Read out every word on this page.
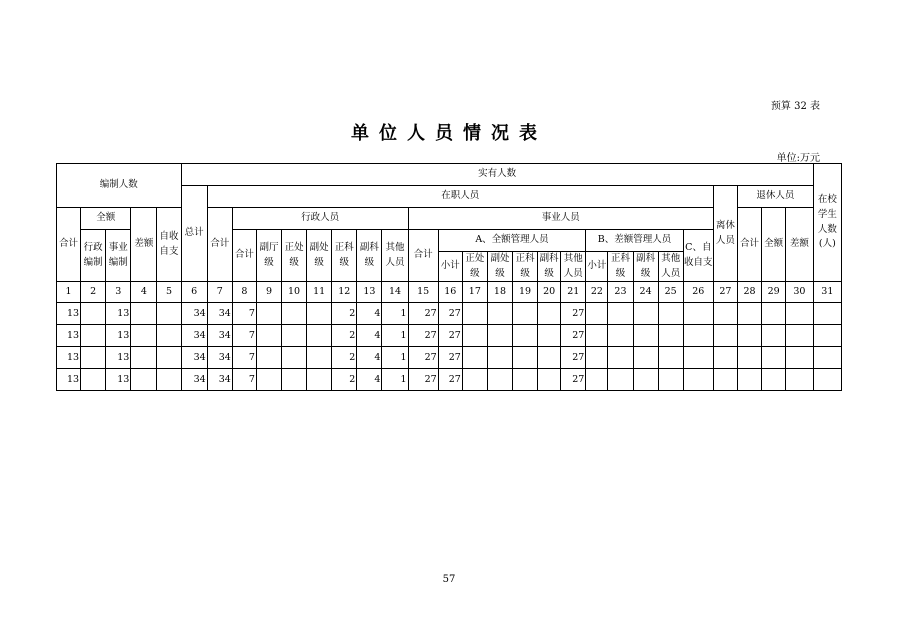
预算 32 表
单位人员情况表
单位:万元
编制人数					实有人数																									在校学生人数(人)
					总计	在职人员																				离休人员	退休人员			
合计	全额		差额	自收自支		合计	行政人员							事业人员													合计	全额	差额	
	行政编制	事业编制					合计	副厅级	正处级	副处级	正科级	副科级	其他人员	合计	A、全额管理人员						B、差额管理人员				C、自收自支					
															小计	正处级	副处级	正科级	副科级	其他人员	小计	正科级	副科级	其他人员						
1	2	3	4	5	6	7	8	9	10	11	12	13	14	15	16	17	18	19	20	21	22	23	24	25	26	27	28	29	30	31
13		13			34	34	7				2	4	1	27	27					27										
13		13			34	34	7				2	4	1	27	27					27										
13		13			34	34	7				2	4	1	27	27					27										
13		13			34	34	7				2	4	1	27	27					27										
57
